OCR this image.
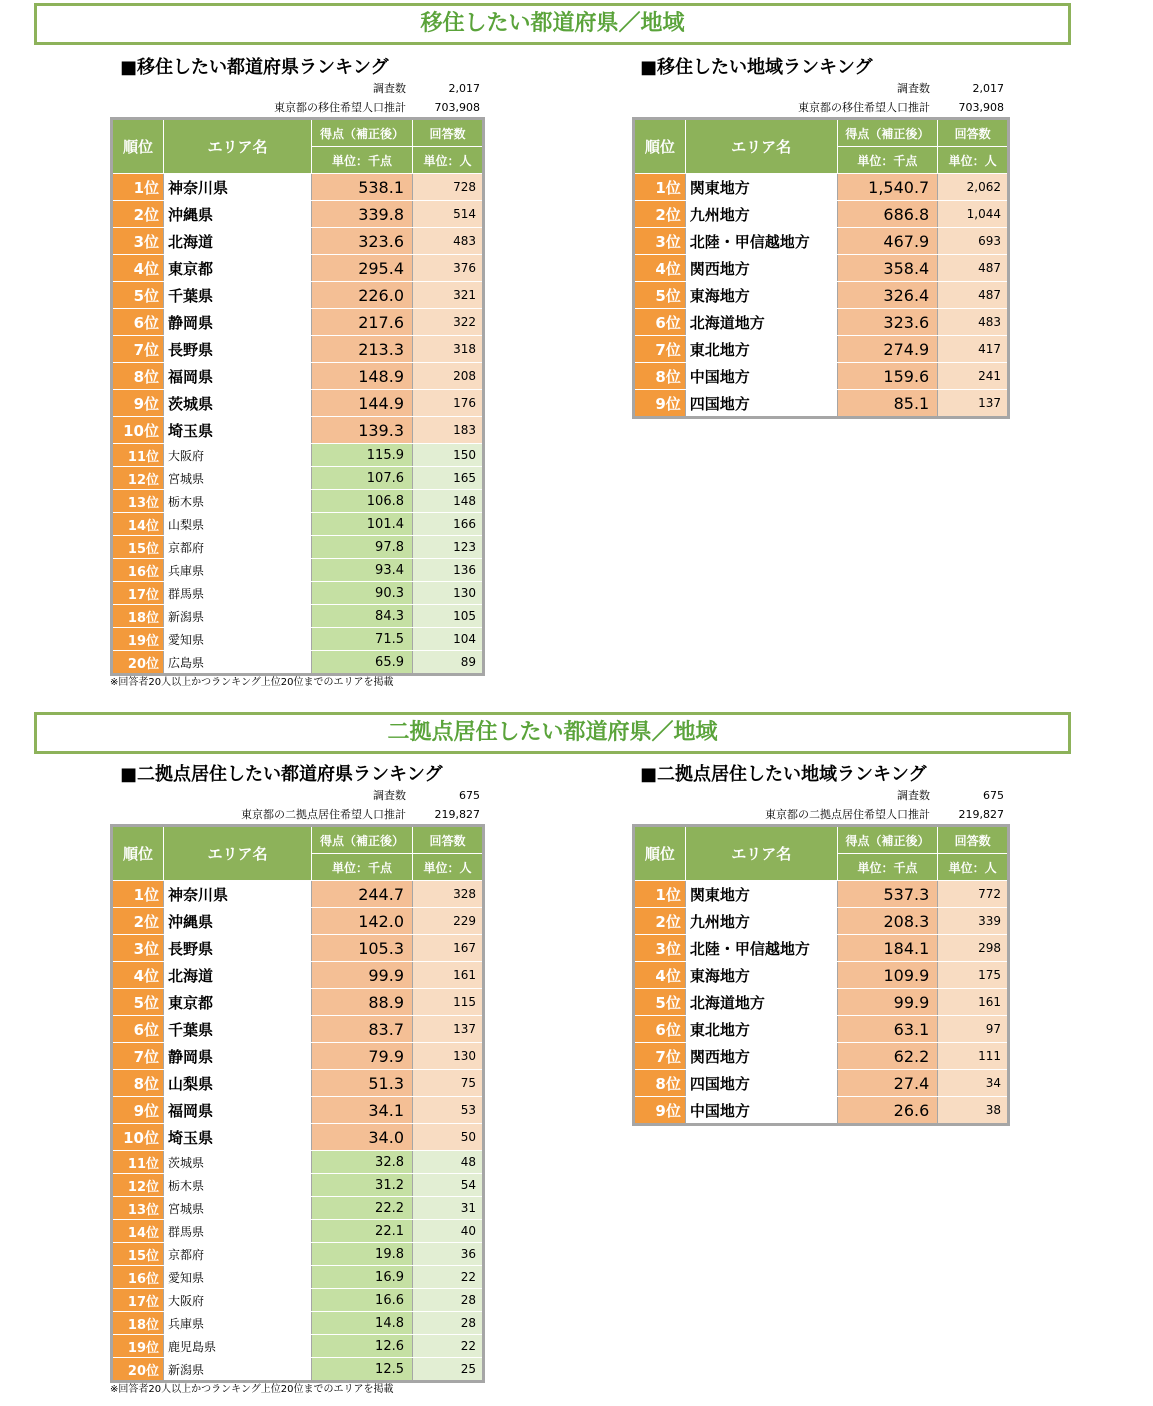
移住したい都道府県／地域
■移住したい都道府県ランキング
調査数	2,017
東京都の移住希望人口推計	703,908
順位	エリア名	得点（補正後）	回答数
		単位：千点	単位：人
1位	神奈川県	538.1	728
2位	沖縄県	339.8	514
3位	北海道	323.6	483
4位	東京都	295.4	376
5位	千葉県	226.0	321
6位	静岡県	217.6	322
7位	長野県	213.3	318
8位	福岡県	148.9	208
9位	茨城県	144.9	176
10位	埼玉県	139.3	183
11位	大阪府	115.9	150
12位	宮城県	107.6	165
13位	栃木県	106.8	148
14位	山梨県	101.4	166
15位	京都府	97.8	123
16位	兵庫県	93.4	136
17位	群馬県	90.3	130
18位	新潟県	84.3	105
19位	愛知県	71.5	104
20位	広島県	65.9	89
※回答者20人以上かつランキング上位20位までのエリアを掲載
■移住したい地域ランキング
調査数	2,017
東京都の移住希望人口推計	703,908
順位	エリア名	得点（補正後）	回答数
		単位：千点	単位：人
1位	関東地方	1,540.7	2,062
2位	九州地方	686.8	1,044
3位	北陸・甲信越地方	467.9	693
4位	関西地方	358.4	487
5位	東海地方	326.4	487
6位	北海道地方	323.6	483
7位	東北地方	274.9	417
8位	中国地方	159.6	241
9位	四国地方	85.1	137
二拠点居住したい都道府県／地域
■二拠点居住したい都道府県ランキング
調査数	675
東京都の二拠点居住希望人口推計	219,827
順位	エリア名	得点（補正後）	回答数
		単位：千点	単位：人
1位	神奈川県	244.7	328
2位	沖縄県	142.0	229
3位	長野県	105.3	167
4位	北海道	99.9	161
5位	東京都	88.9	115
6位	千葉県	83.7	137
7位	静岡県	79.9	130
8位	山梨県	51.3	75
9位	福岡県	34.1	53
10位	埼玉県	34.0	50
11位	茨城県	32.8	48
12位	栃木県	31.2	54
13位	宮城県	22.2	31
14位	群馬県	22.1	40
15位	京都府	19.8	36
16位	愛知県	16.9	22
17位	大阪府	16.6	28
18位	兵庫県	14.8	28
19位	鹿児島県	12.6	22
20位	新潟県	12.5	25
※回答者20人以上かつランキング上位20位までのエリアを掲載
■二拠点居住したい地域ランキング
調査数	675
東京都の二拠点居住希望人口推計	219,827
順位	エリア名	得点（補正後）	回答数
		単位：千点	単位：人
1位	関東地方	537.3	772
2位	九州地方	208.3	339
3位	北陸・甲信越地方	184.1	298
4位	東海地方	109.9	175
5位	北海道地方	99.9	161
6位	東北地方	63.1	97
7位	関西地方	62.2	111
8位	四国地方	27.4	34
9位	中国地方	26.6	38
